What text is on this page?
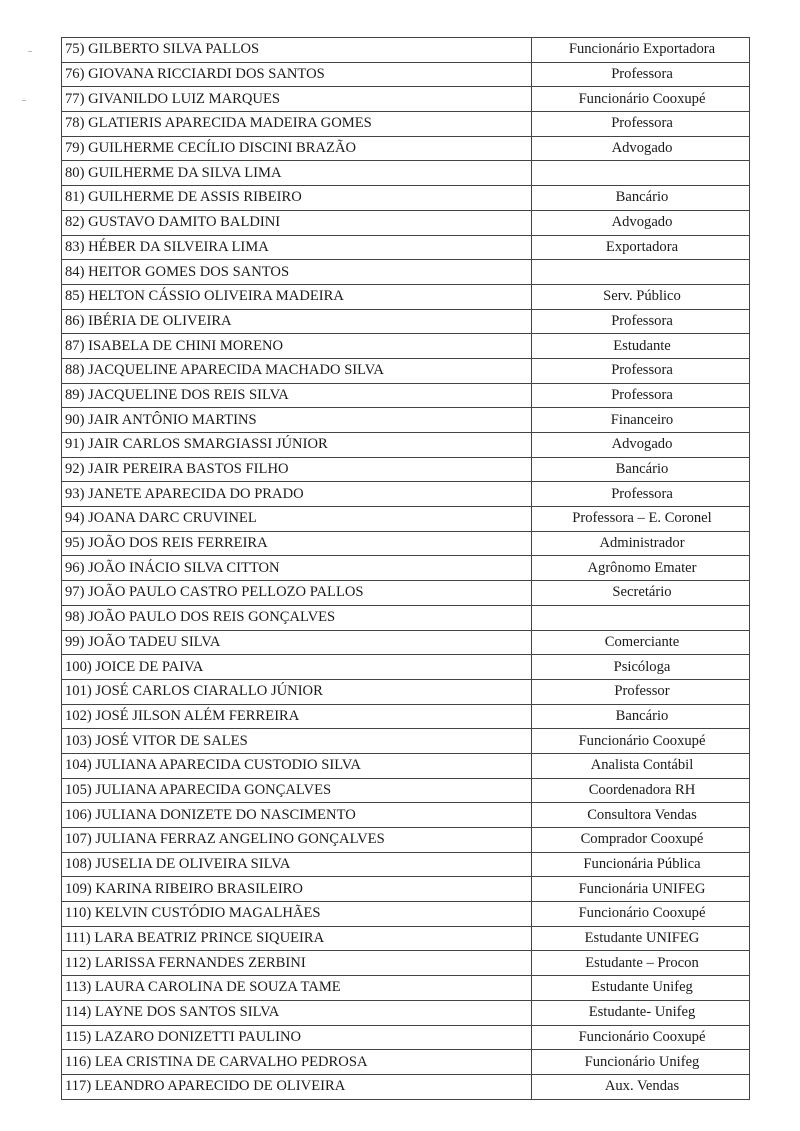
75) GILBERTO SILVA PALLOS	Funcionário Exportadora
76) GIOVANA RICCIARDI DOS SANTOS	Professora
77) GIVANILDO LUIZ MARQUES	Funcionário Cooxupé
78) GLATIERIS APARECIDA MADEIRA GOMES	Professora
79) GUILHERME CECÍLIO DISCINI BRAZÃO	Advogado
80) GUILHERME DA SILVA LIMA	
81) GUILHERME DE ASSIS RIBEIRO	Bancário
82) GUSTAVO DAMITO BALDINI	Advogado
83) HÉBER DA SILVEIRA LIMA	Exportadora
84) HEITOR GOMES DOS SANTOS	
85) HELTON CÁSSIO OLIVEIRA MADEIRA	Serv. Público
86) IBÉRIA DE OLIVEIRA	Professora
87) ISABELA DE CHINI MORENO	Estudante
88) JACQUELINE APARECIDA MACHADO SILVA	Professora
89) JACQUELINE DOS REIS SILVA	Professora
90) JAIR ANTÔNIO MARTINS	Financeiro
91) JAIR CARLOS SMARGIASSI JÚNIOR	Advogado
92) JAIR PEREIRA BASTOS FILHO	Bancário
93) JANETE APARECIDA DO PRADO	Professora
94) JOANA DARC CRUVINEL	Professora – E. Coronel
95) JOÃO DOS REIS FERREIRA	Administrador
96) JOÃO INÁCIO SILVA CITTON	Agrônomo Emater
97) JOÃO PAULO CASTRO PELLOZO PALLOS	Secretário
98) JOÃO PAULO DOS REIS GONÇALVES	
99) JOÃO TADEU SILVA	Comerciante
100) JOICE DE PAIVA	Psicóloga
101) JOSÉ CARLOS CIARALLO JÚNIOR	Professor
102) JOSÉ JILSON ALÉM FERREIRA	Bancário
103) JOSÉ VITOR DE SALES	Funcionário Cooxupé
104) JULIANA APARECIDA CUSTODIO SILVA	Analista Contábil
105) JULIANA APARECIDA GONÇALVES	Coordenadora RH
106) JULIANA DONIZETE DO NASCIMENTO	Consultora Vendas
107) JULIANA FERRAZ ANGELINO GONÇALVES	Comprador Cooxupé
108) JUSELIA DE OLIVEIRA SILVA	Funcionária Pública
109) KARINA RIBEIRO BRASILEIRO	Funcionária UNIFEG
110) KELVIN CUSTÓDIO MAGALHÃES	Funcionário Cooxupé
111) LARA BEATRIZ PRINCE SIQUEIRA	Estudante UNIFEG
112) LARISSA FERNANDES ZERBINI	Estudante – Procon
113) LAURA CAROLINA DE SOUZA TAME	Estudante Unifeg
114) LAYNE DOS SANTOS SILVA	Estudante- Unifeg
115) LAZARO DONIZETTI PAULINO	Funcionário Cooxupé
116) LEA CRISTINA DE CARVALHO PEDROSA	Funcionário Unifeg
117) LEANDRO APARECIDO DE OLIVEIRA	Aux. Vendas
